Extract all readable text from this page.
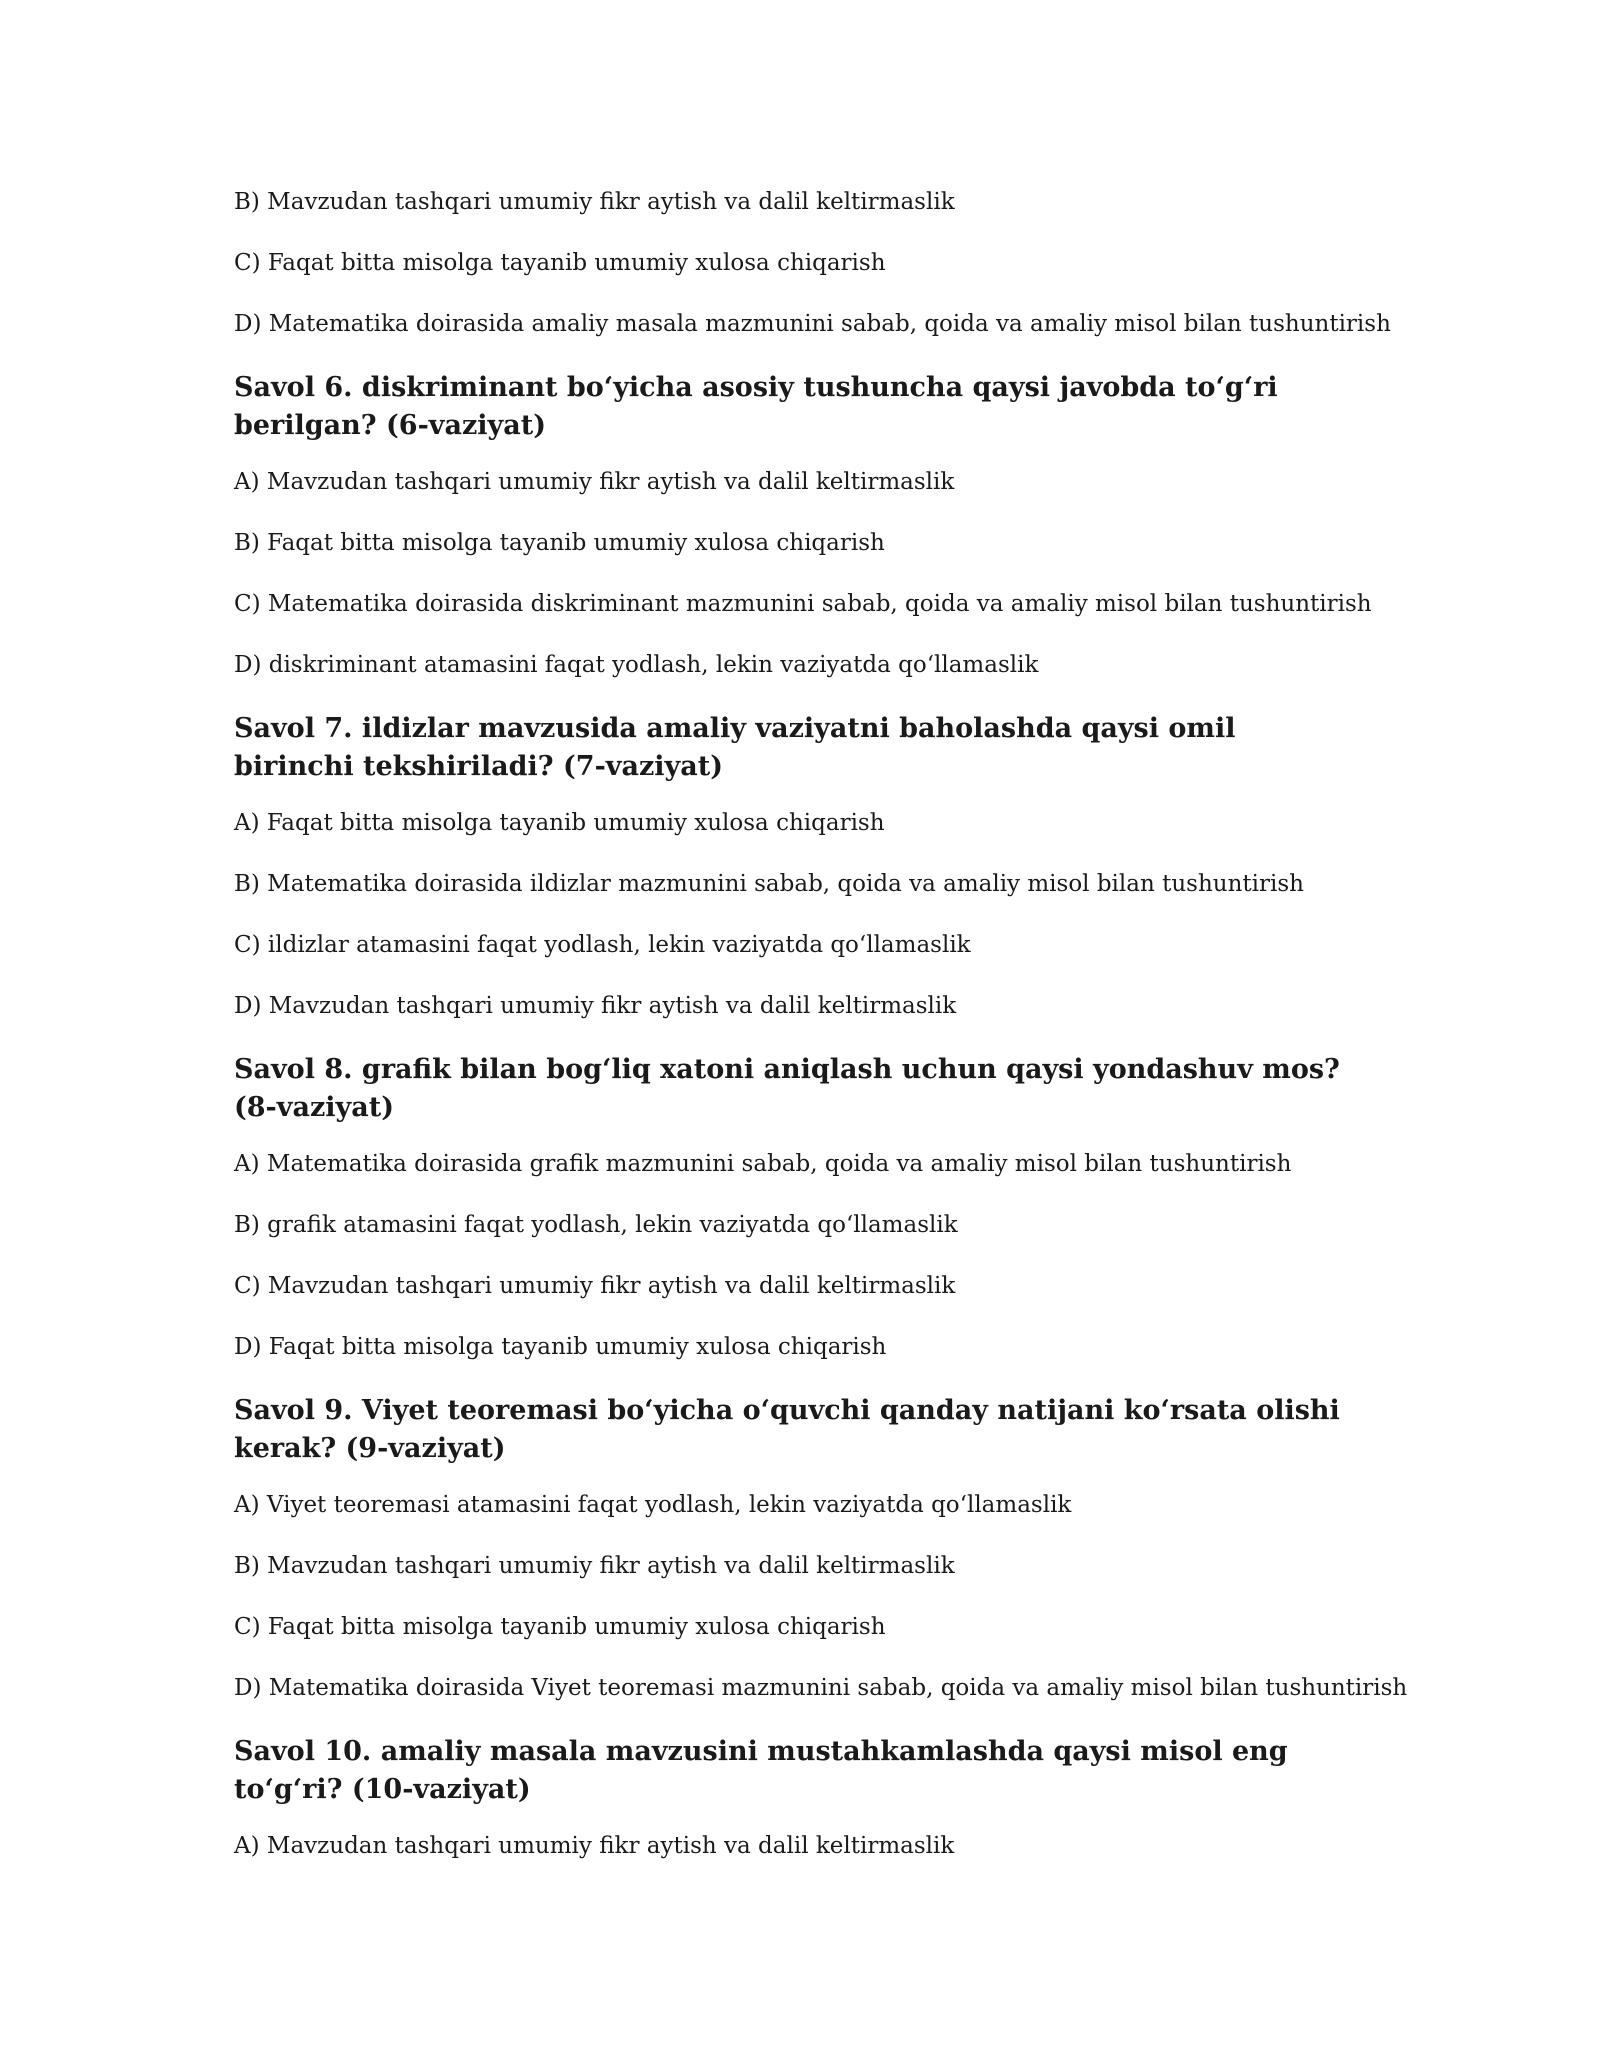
B) Mavzudan tashqari umumiy fikr aytish va dalil keltirmaslik

C) Faqat bitta misolga tayanib umumiy xulosa chiqarish

D) Matematika doirasida amaliy masala mazmunini sabab, qoida va amaliy misol bilan tushuntirish

Savol 6. diskriminant bo‘yicha asosiy tushuncha qaysi javobda to‘g‘ri berilgan? (6-vaziyat)

A) Mavzudan tashqari umumiy fikr aytish va dalil keltirmaslik

B) Faqat bitta misolga tayanib umumiy xulosa chiqarish

C) Matematika doirasida diskriminant mazmunini sabab, qoida va amaliy misol bilan tushuntirish

D) diskriminant atamasini faqat yodlash, lekin vaziyatda qo‘llamaslik

Savol 7. ildizlar mavzusida amaliy vaziyatni baholashda qaysi omil birinchi tekshiriladi? (7-vaziyat)

A) Faqat bitta misolga tayanib umumiy xulosa chiqarish

B) Matematika doirasida ildizlar mazmunini sabab, qoida va amaliy misol bilan tushuntirish

C) ildizlar atamasini faqat yodlash, lekin vaziyatda qo‘llamaslik

D) Mavzudan tashqari umumiy fikr aytish va dalil keltirmaslik

Savol 8. grafik bilan bog‘liq xatoni aniqlash uchun qaysi yondashuv mos? (8-vaziyat)

A) Matematika doirasida grafik mazmunini sabab, qoida va amaliy misol bilan tushuntirish

B) grafik atamasini faqat yodlash, lekin vaziyatda qo‘llamaslik

C) Mavzudan tashqari umumiy fikr aytish va dalil keltirmaslik

D) Faqat bitta misolga tayanib umumiy xulosa chiqarish

Savol 9. Viyet teoremasi bo‘yicha o‘quvchi qanday natijani ko‘rsata olishi kerak? (9-vaziyat)

A) Viyet teoremasi atamasini faqat yodlash, lekin vaziyatda qo‘llamaslik

B) Mavzudan tashqari umumiy fikr aytish va dalil keltirmaslik

C) Faqat bitta misolga tayanib umumiy xulosa chiqarish

D) Matematika doirasida Viyet teoremasi mazmunini sabab, qoida va amaliy misol bilan tushuntirish

Savol 10. amaliy masala mavzusini mustahkamlashda qaysi misol eng to‘g‘ri? (10-vaziyat)

A) Mavzudan tashqari umumiy fikr aytish va dalil keltirmaslik
